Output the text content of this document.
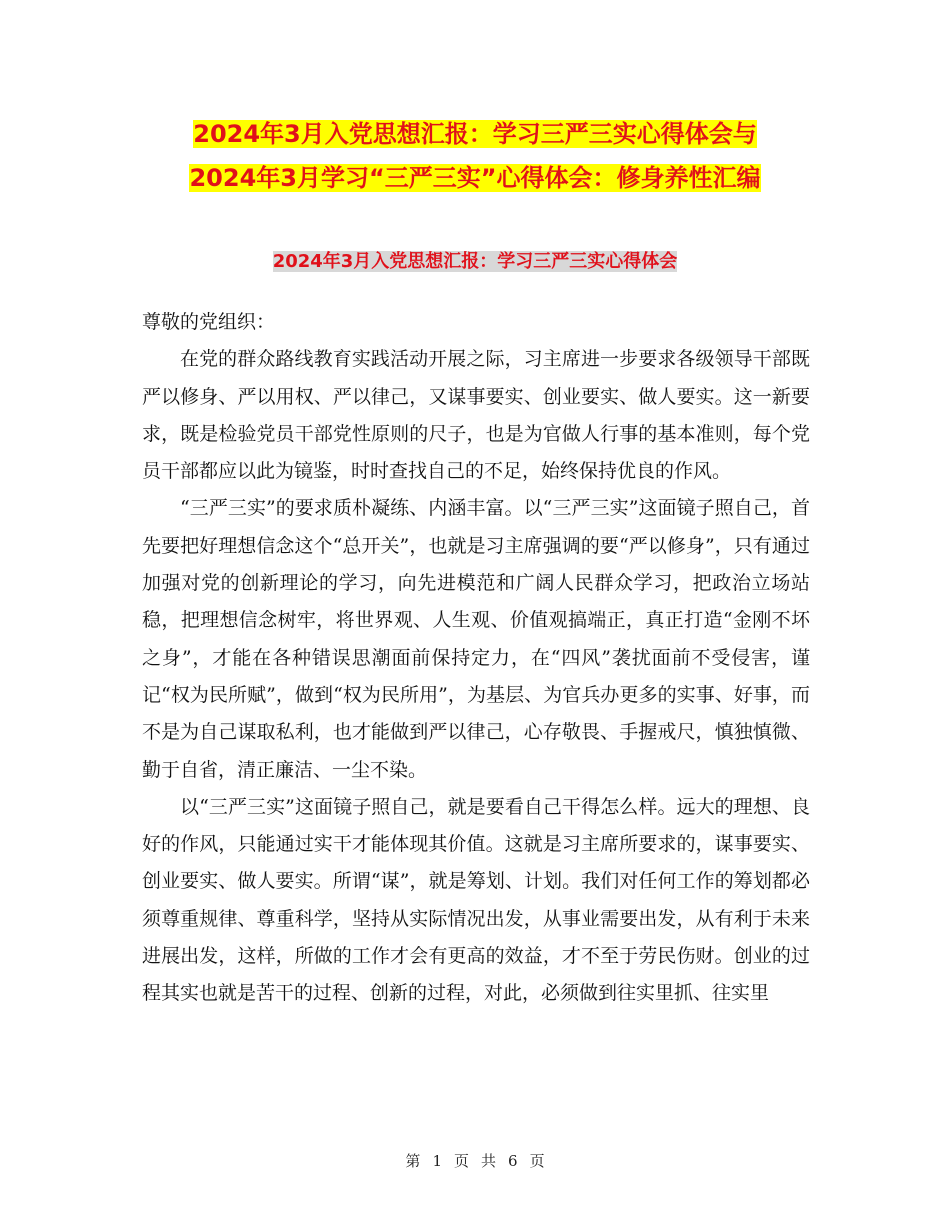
2024年3月入党思想汇报：学习三严三实心得体会与
2024年3月学习“三严三实”心得体会：修身养性汇编
2024年3月入党思想汇报：学习三严三实心得体会

尊敬的党组织：

在党的群众路线教育实践活动开展之际，习主席进一步要求各级领导干部既严以修身、严以用权、严以律己，又谋事要实、创业要实、做人要实。这一新要求，既是检验党员干部党性原则的尺子，也是为官做人行事的基本准则，每个党员干部都应以此为镜鉴，时时查找自己的不足，始终保持优良的作风。

“三严三实”的要求质朴凝练、内涵丰富。以“三严三实”这面镜子照自己，首先要把好理想信念这个“总开关”，也就是习主席强调的要“严以修身”，只有通过加强对党的创新理论的学习，向先进模范和广阔人民群众学习，把政治立场站稳，把理想信念树牢，将世界观、人生观、价值观搞端正，真正打造“金刚不坏之身”，才能在各种错误思潮面前保持定力，在“四风”袭扰面前不受侵害，谨记“权为民所赋”，做到“权为民所用”，为基层、为官兵办更多的实事、好事，而不是为自己谋取私利，也才能做到严以律己，心存敬畏、手握戒尺，慎独慎微、勤于自省，清正廉洁、一尘不染。

以“三严三实”这面镜子照自己，就是要看自己干得怎么样。远大的理想、良好的作风，只能通过实干才能体现其价值。这就是习主席所要求的，谋事要实、创业要实、做人要实。所谓“谋”，就是筹划、计划。我们对任何工作的筹划都必须尊重规律、尊重科学，坚持从实际情况出发，从事业需要出发，从有利于未来进展出发，这样，所做的工作才会有更高的效益，才不至于劳民伤财。创业的过程其实也就是苦干的过程、创新的过程，对此，必须做到往实里抓、往实里

第 1 页 共 6 页
